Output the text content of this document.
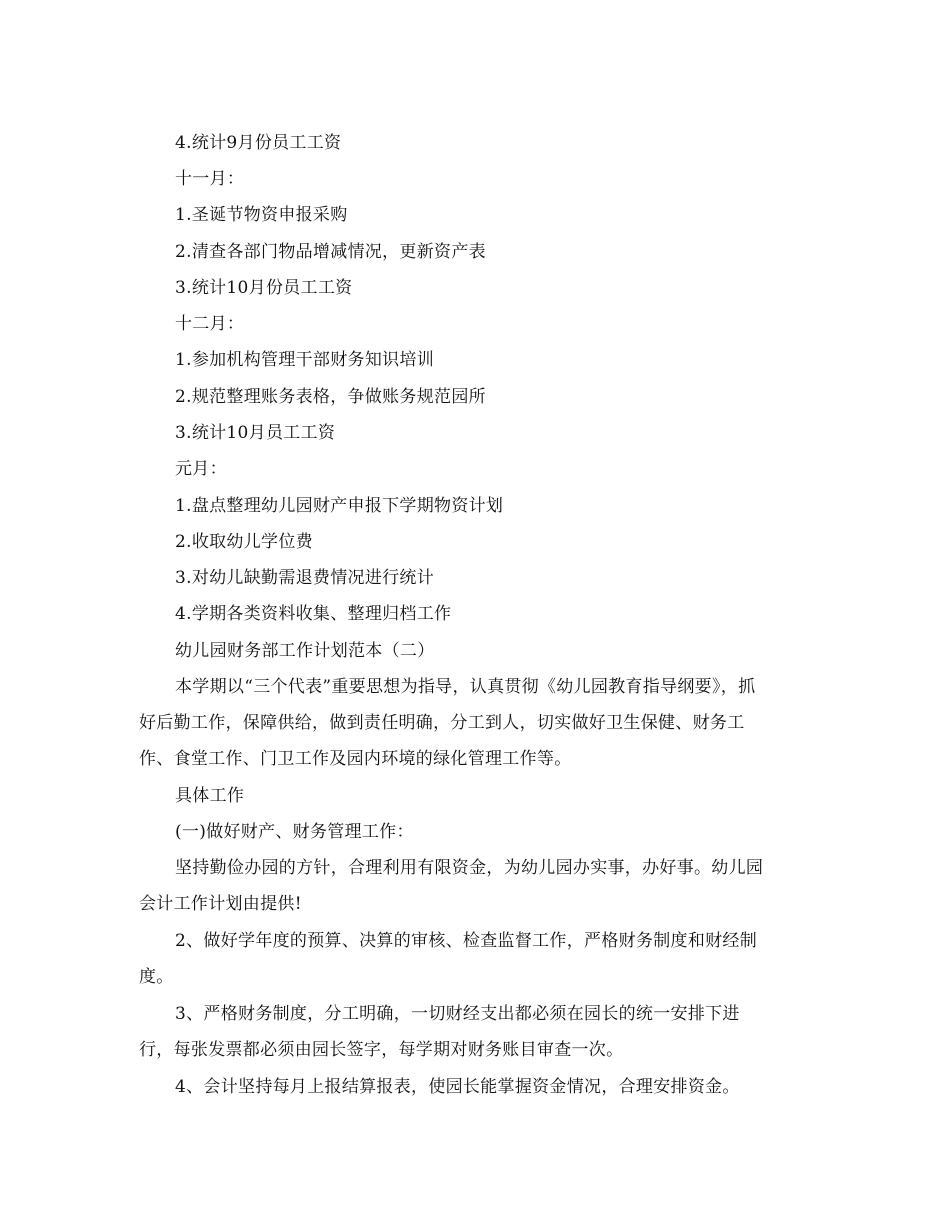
4.统计9月份员工工资
十一月：
1.圣诞节物资申报采购
2.清查各部门物品增减情况，更新资产表
3.统计10月份员工工资
十二月：
1.参加机构管理干部财务知识培训
2.规范整理账务表格，争做账务规范园所
3.统计10月员工工资
元月：
1.盘点整理幼儿园财产申报下学期物资计划
2.收取幼儿学位费
3.对幼儿缺勤需退费情况进行统计
4.学期各类资料收集、整理归档工作
幼儿园财务部工作计划范本（二）
本学期以“三个代表”重要思想为指导，认真贯彻《幼儿园教育指导纲要》，抓
好后勤工作，保障供给，做到责任明确，分工到人，切实做好卫生保健、财务工
作、食堂工作、门卫工作及园内环境的绿化管理工作等。
具体工作
(一)做好财产、财务管理工作：
坚持勤俭办园的方针，合理利用有限资金，为幼儿园办实事，办好事。幼儿园
会计工作计划由提供!
2、做好学年度的预算、决算的审核、检查监督工作，严格财务制度和财经制
度。
3、严格财务制度，分工明确，一切财经支出都必须在园长的统一安排下进
行，每张发票都必须由园长签字，每学期对财务账目审查一次。
4、会计坚持每月上报结算报表，使园长能掌握资金情况，合理安排资金。
